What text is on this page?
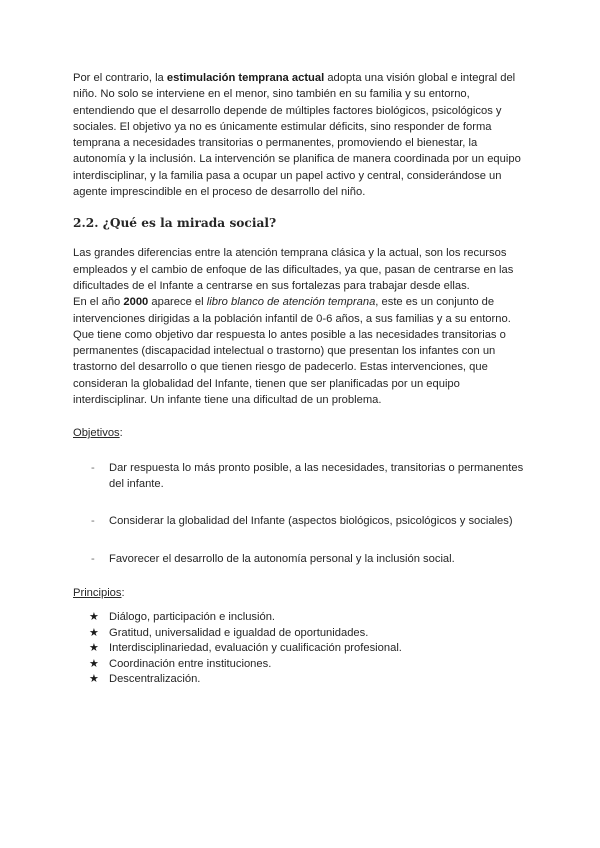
Por el contrario, la estimulación temprana actual adopta una visión global e integral del niño. No solo se interviene en el menor, sino también en su familia y su entorno, entendiendo que el desarrollo depende de múltiples factores biológicos, psicológicos y sociales. El objetivo ya no es únicamente estimular déficits, sino responder de forma temprana a necesidades transitorias o permanentes, promoviendo el bienestar, la autonomía y la inclusión. La intervención se planifica de manera coordinada por un equipo interdisciplinar, y la familia pasa a ocupar un papel activo y central, considerándose un agente imprescindible en el proceso de desarrollo del niño.

2.2. ¿Qué es la mirada social?

Las grandes diferencias entre la atención temprana clásica y la actual, son los recursos empleados y el cambio de enfoque de las dificultades, ya que, pasan de centrarse en las dificultades de el Infante a centrarse en sus fortalezas para trabajar desde ellas.

En el año 2000 aparece el libro blanco de atención temprana, este es un conjunto de intervenciones dirigidas a la población infantil de 0-6 años, a sus familias y a su entorno. Que tiene como objetivo dar respuesta lo antes posible a las necesidades transitorias o permanentes (discapacidad intelectual o trastorno) que presentan los infantes con un trastorno del desarrollo o que tienen riesgo de padecerlo. Estas intervenciones, que consideran la globalidad del Infante, tienen que ser planificadas por un equipo interdisciplinar. Un infante tiene una dificultad de un problema.

Objetivos:

- Dar respuesta lo más pronto posible, a las necesidades, transitorias o permanentes del infante.
- Considerar la globalidad del Infante (aspectos biológicos, psicológicos y sociales)
- Favorecer el desarrollo de la autonomía personal y la inclusión social.

Principios:

★ Diálogo, participación e inclusión.
★ Gratitud, universalidad e igualdad de oportunidades.
★ Interdisciplinariedad, evaluación y cualificación profesional.
★ Coordinación entre instituciones.
★ Descentralización.
